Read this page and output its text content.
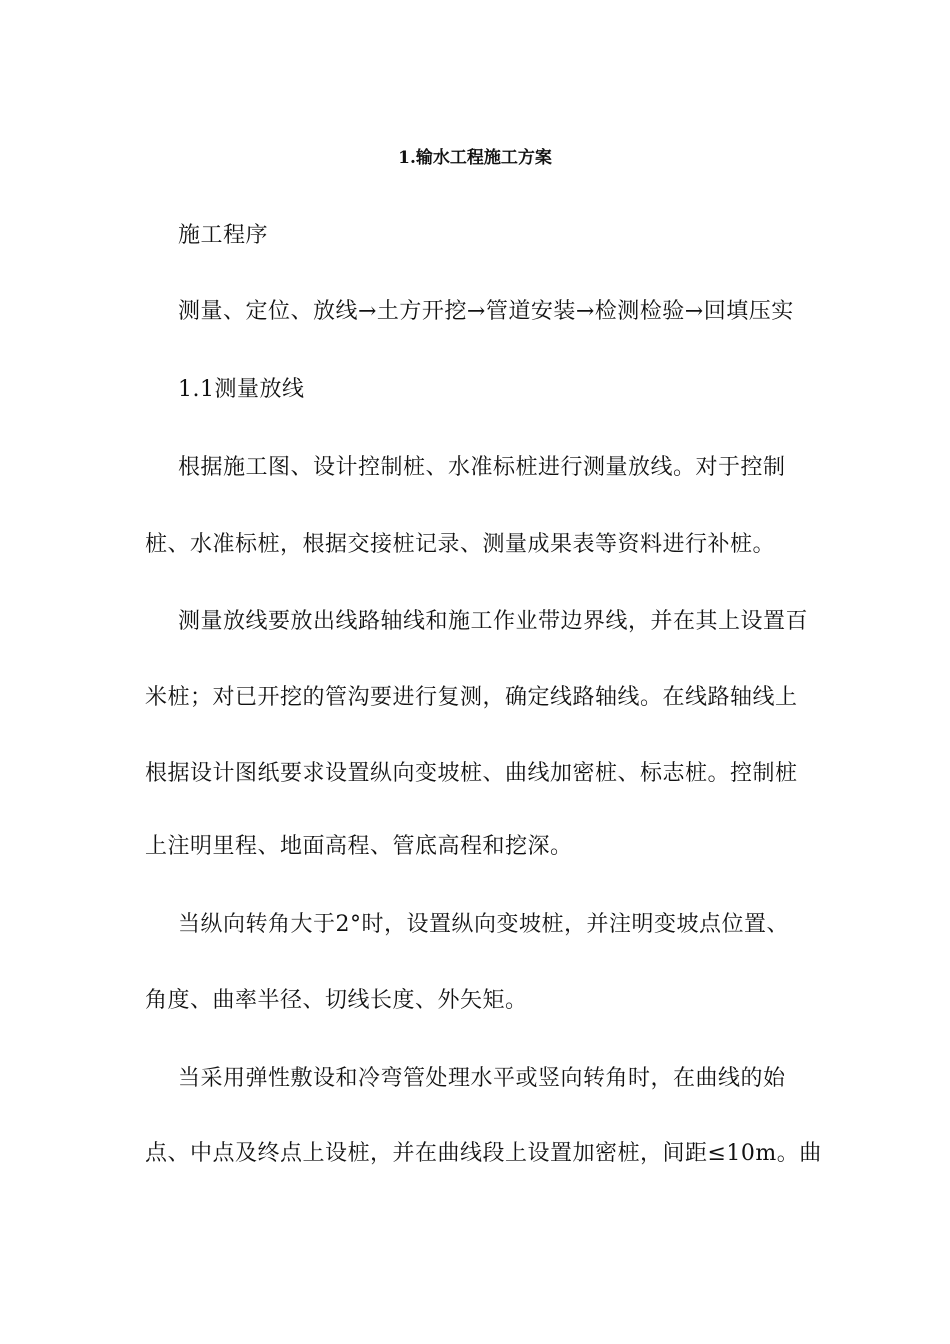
1.输水工程施工方案
施工程序
测量、定位、放线→土方开挖→管道安装→检测检验→回填压实
1.1测量放线
根据施工图、设计控制桩、水准标桩进行测量放线。对于控制
桩、水准标桩，根据交接桩记录、测量成果表等资料进行补桩。
测量放线要放出线路轴线和施工作业带边界线，并在其上设置百
米桩；对已开挖的管沟要进行复测，确定线路轴线。在线路轴线上
根据设计图纸要求设置纵向变坡桩、曲线加密桩、标志桩。控制桩
上注明里程、地面高程、管底高程和挖深。
当纵向转角大于2°时，设置纵向变坡桩，并注明变坡点位置、
角度、曲率半径、切线长度、外矢矩。
当采用弹性敷设和冷弯管处理水平或竖向转角时，在曲线的始
点、中点及终点上设桩，并在曲线段上设置加密桩，间距≤10m。曲
